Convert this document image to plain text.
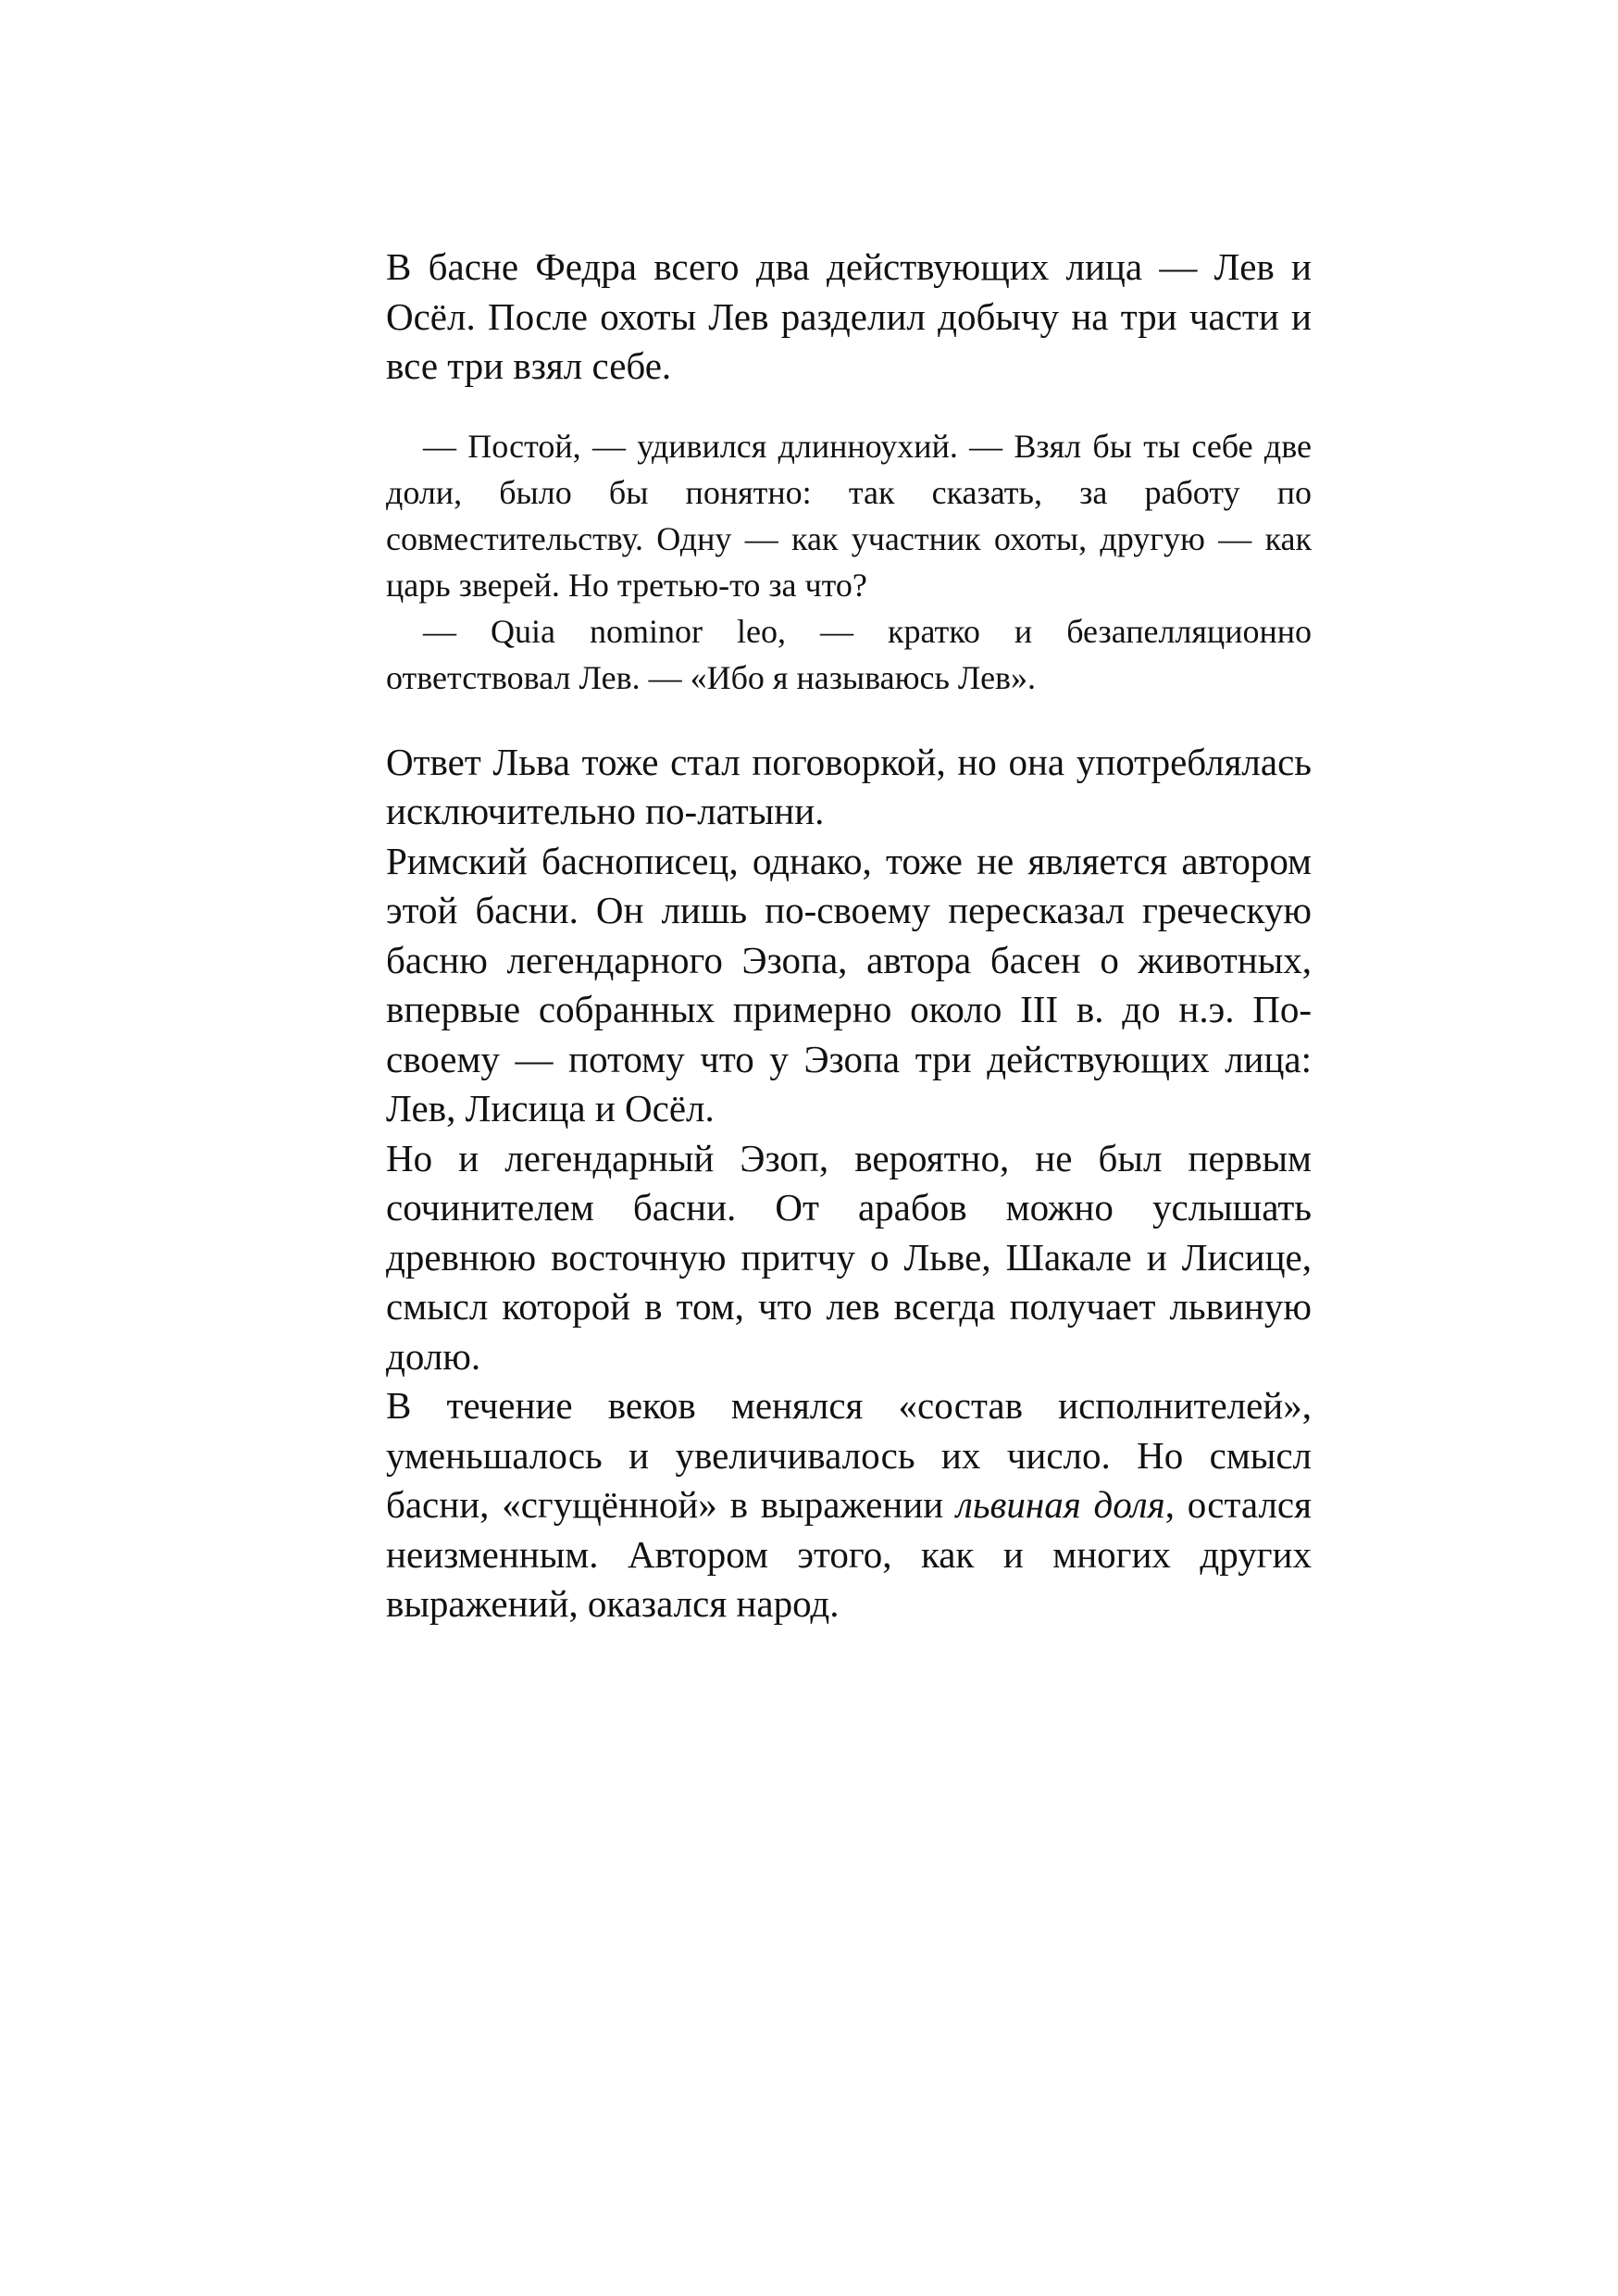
В басне Федра всего два действующих лица — Лев и Осёл. После охоты Лев разделил добычу на три части и все три взял себе.

— Постой, — удивился длинноухий. — Взял бы ты себе две доли, было бы понятно: так сказать, за работу по совместительству. Одну — как участник охоты, другую — как царь зверей. Но третью-то за что?

— Quia nominor leo, — кратко и безапелляционно ответствовал Лев. — «Ибо я называюсь Лев».

Ответ Льва тоже стал поговоркой, но она употреблялась исключительно по-латыни.

Римский баснописец, однако, тоже не является автором этой басни. Он лишь по-своему пересказал греческую басню легендарного Эзопа, автора басен о животных, впервые собранных примерно около III в. до н.э. По-своему — потому что у Эзопа три действующих лица: Лев, Лисица и Осёл.

Но и легендарный Эзоп, вероятно, не был первым сочинителем басни. От арабов можно услышать древнюю восточную притчу о Льве, Шакале и Лисице, смысл которой в том, что лев всегда получает львиную долю.

В течение веков менялся «состав исполнителей», уменьшалось и увеличивалось их число. Но смысл басни, «сгущённой» в выражении львиная доля, остался неизменным. Автором этого, как и многих других выражений, оказался народ.
